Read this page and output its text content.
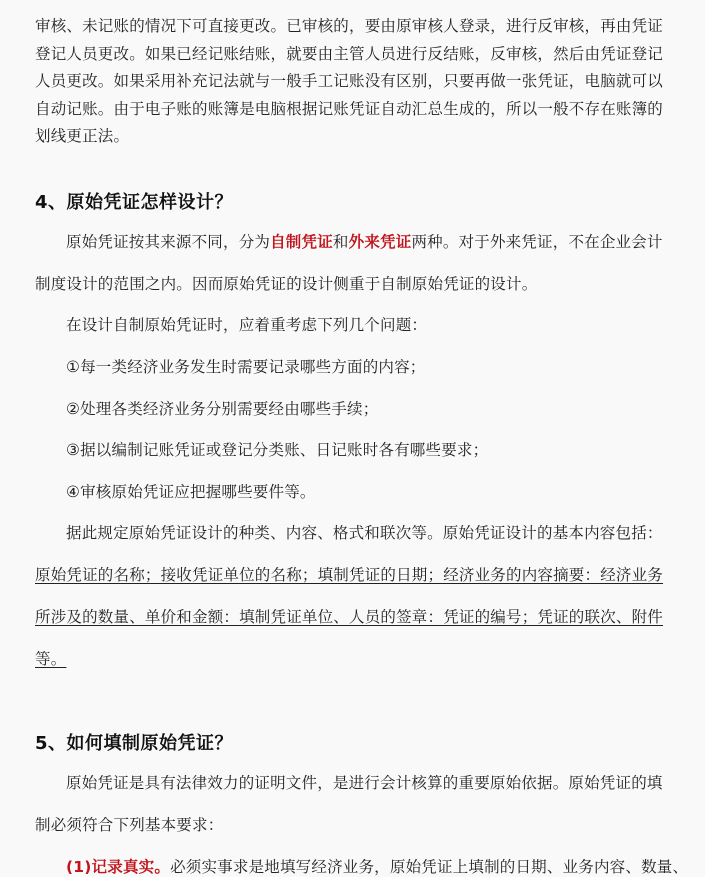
审核、未记账的情况下可直接更改。已审核的，要由原审核人登录，进行反审核，再由凭证

登记人员更改。如果已经记账结账，就要由主管人员进行反结账，反审核，然后由凭证登记

人员更改。如果采用补充记法就与一般手工记账没有区别，只要再做一张凭证，电脑就可以

自动记账。由于电子账的账簿是电脑根据记账凭证自动汇总生成的，所以一般不存在账簿的

划线更正法。

4、原始凭证怎样设计？

原始凭证按其来源不同，分为自制凭证和外来凭证两种。对于外来凭证，不在企业会计

制度设计的范围之内。因而原始凭证的设计侧重于自制原始凭证的设计。

在设计自制原始凭证时，应着重考虑下列几个问题：

①每一类经济业务发生时需要记录哪些方面的内容；

②处理各类经济业务分别需要经由哪些手续；

③据以编制记账凭证或登记分类账、日记账时各有哪些要求；

④审核原始凭证应把握哪些要件等。

据此规定原始凭证设计的种类、内容、格式和联次等。原始凭证设计的基本内容包括：

原始凭证的名称；接收凭证单位的名称；填制凭证的日期；经济业务的内容摘要：经济业务

所涉及的数量、单价和金额：填制凭证单位、人员的签章：凭证的编号；凭证的联次、附件

等。

5、如何填制原始凭证？

原始凭证是具有法律效力的证明文件，是进行会计核算的重要原始依据。原始凭证的填

制必须符合下列基本要求：

(1)记录真实。必须实事求是地填写经济业务，原始凭证上填制的日期、业务内容、数量、
